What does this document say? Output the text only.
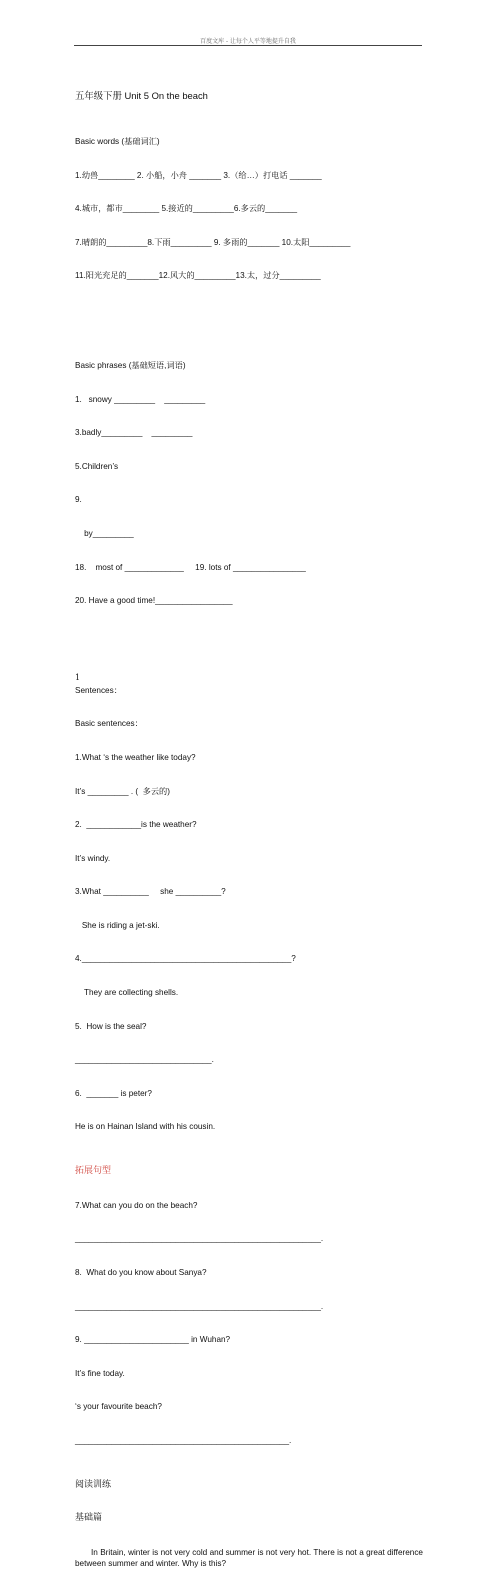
百度文库 - 让每个人平等地提升自我

五年级下册 Unit 5 On the beach

Basic words (基础词汇)

1.幼兽________ 2. 小船，小舟 _______ 3.（给…）打电话 _______

4.城市，都市________ 5.接近的_________6.多云的_______

7.晴朗的_________8.下雨_________ 9. 多雨的_______ 10.太阳_________

11.阳光充足的_______12.风大的_________13.太，过分_________

Basic phrases (基础短语,词语)

1.   snowy _________    _________

3.badly_________    _________

5.Children’s

9.

by_________

18.    most of _____________     19. lots of ________________

20. Have a good time!_________________

Sentences：

Basic sentences：

1.What ‘s the weather like today?

It’s _________ . (  多云的)

2.  ____________is the weather?

It’s windy.

3.What __________     she __________?

She is riding a jet-ski.

4.______________________________________________?

They are collecting shells.

5.  How is the seal?

______________________________.

6.  _______ is peter?

He is on Hainan Island with his cousin.

拓展句型

7.What can you do on the beach?

______________________________________________________.

8.  What do you know about Sanya?

______________________________________________________.

9. _______________________ in Wuhan?

It’s fine today.

‘s your favourite beach?

_______________________________________________.

阅读训练

基础篇

In Britain, winter is not very cold and summer is not very hot. There is not a great difference between summer and winter. Why is this?

1
